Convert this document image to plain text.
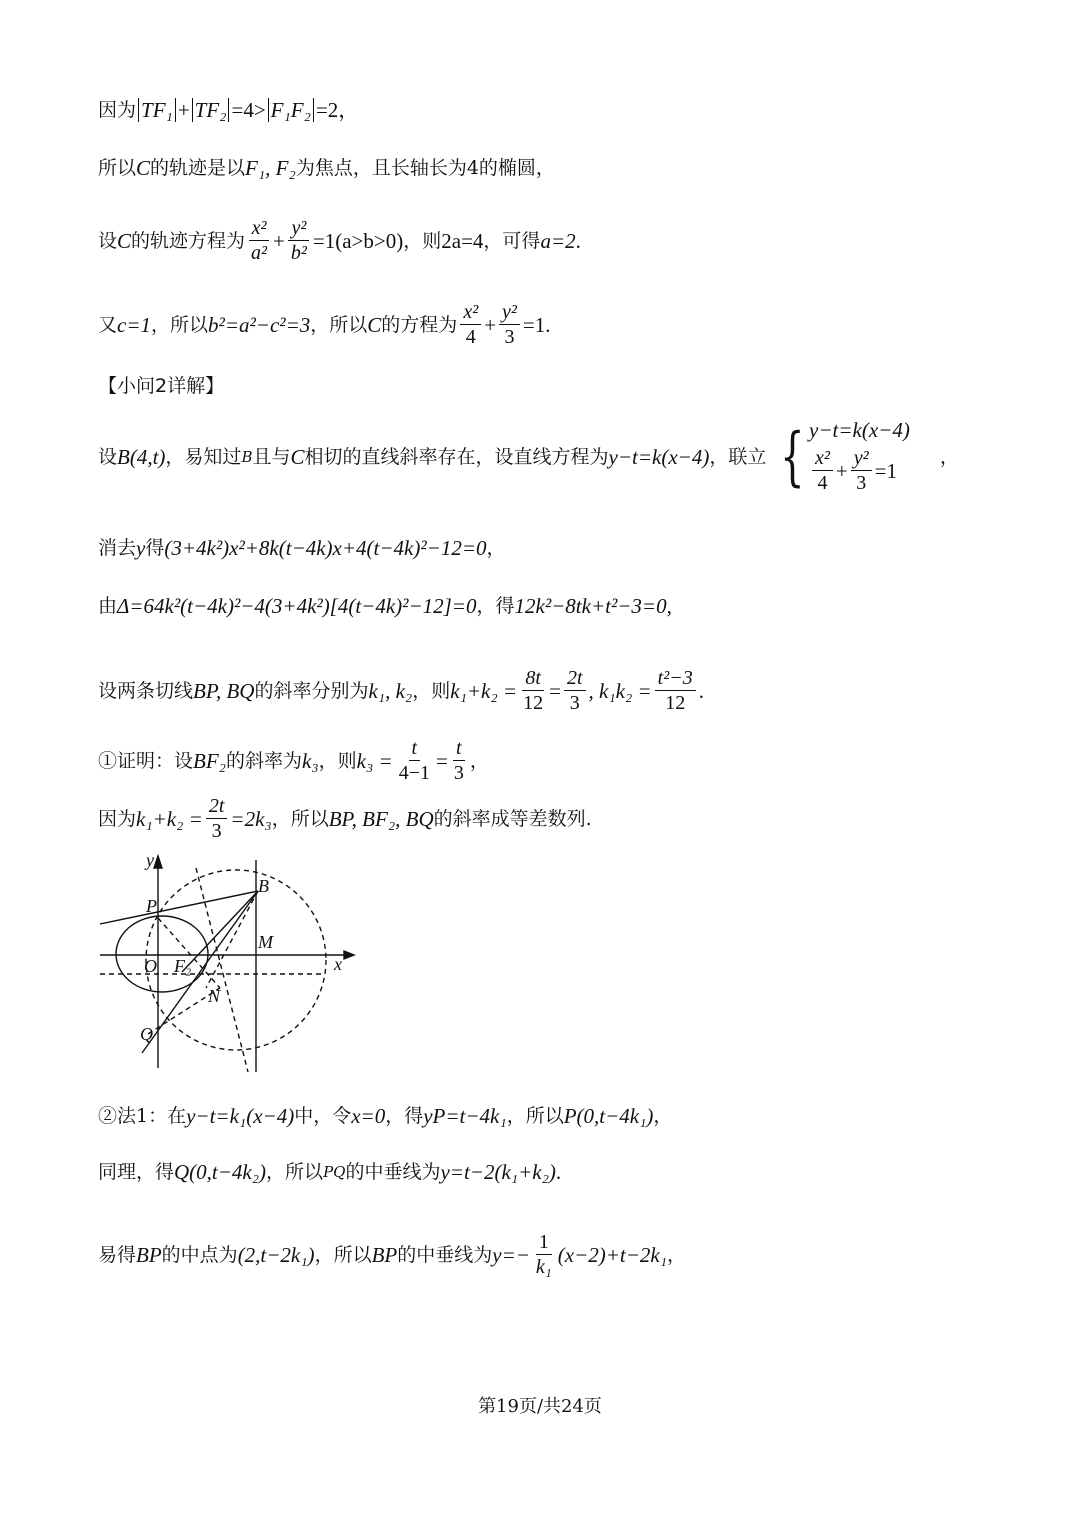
因为 TF₁ + TF₂ =4> F₁F₂ =2，
所以 C 的轨迹是以 F₁, F₂ 为焦点，且长轴长为4的椭圆，
设 C 的轨迹方程为 $\frac{\text{x²}}{\text{a²}} + \frac{\text{y²}}{\text{b²}} =1(a>b>0)$ ，则 2a=4 ，可得 a=2 .
又 c=1 ，所以 b²=a²−c²=3 ，所以 C 的方程为 $\frac{\text{x²}}{4} + \frac{\text{y²}}{3} =1$.
【小问2详解】
设 B(4,t) ，易知过 B 且与 C 相切的直线斜率存在，设直线方程为 y−t=k(x−4) ，联立 { y−t=k(x−4)
$\frac{\text{x²}}{4} + \frac{\text{y²}}{3} =1$
，
消去 y 得 (3+4k²)x²+8k(t−4k)x+4(t−4k)²−12=0 ，
由 Δ=64k²(t−4k)²−4(3+4k²)[4(t−4k)²−12]=0 ，得 12k²−8tk+t²−3=0,
设两条切线 BP, BQ 的斜率分别为 k₁, k₂ ，则 $k_1+k_2 = \frac{8t}{12} = \frac{2t}{3}$ , $k_1k_2 = \frac{\text{t²−3}}{12}$ .
①证明：设 BF₂ 的斜率为 k₃ ，则 $k_3 = \frac{t}{4-1} = \frac{t}{3}$ ，
因为 $k_1+k_2 = \frac{2t}{3} =2k_3$ ，所以 BP, BF₂, BQ 的斜率成等差数列.
y
x
P
B
M
O F₂
N
Q
②法1：在 y−t=k₁(x−4) 中，令 x=0 ，得 yP=t−4k₁ ，所以 P(0,t−4k₁) ，
同理，得 Q(0,t−4k₂) ，所以 PQ 的中垂线为 y=t−2(k₁+k₂) .
易得 BP 的中点为 (2,t−2k₁) ，所以 BP 的中垂线为 $y=- \frac{1}{\text{k₁}} (x-2)+t-2k_1$ ，
第19页/共24页
